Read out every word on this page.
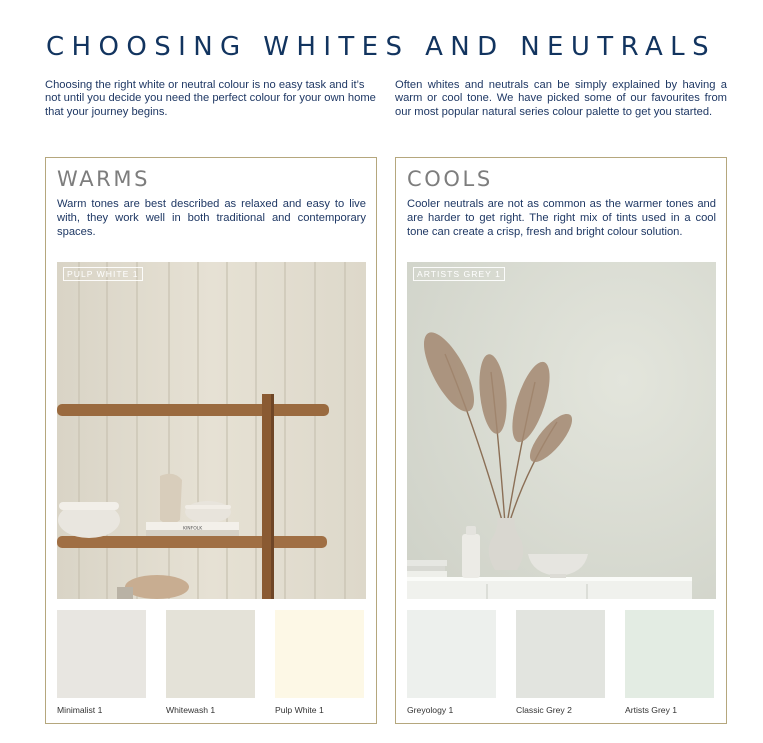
CHOOSING WHITES AND NEUTRALS

Choosing the right white or neutral colour is no easy task and it’s not until you decide you need the perfect colour for your own home that your journey begins.

Often whites and neutrals can be simply explained by having a warm or cool tone. We have picked some of our favourites from our most popular natural series colour palette to get you started.

WARMS

Warm tones are best described as relaxed and easy to live with, they work well in both traditional and contemporary spaces.

KINFOLK
PULP WHITE 1
Minimalist 1	Whitewash 1	Pulp White 1
COOLS

Cooler neutrals are not as common as the warmer tones and are harder to get right. The right mix of tints used in a cool tone can create a crisp, fresh and bright colour solution.

ARTISTS GREY 1
Greyology 1	Classic Grey 2	Artists Grey 1
